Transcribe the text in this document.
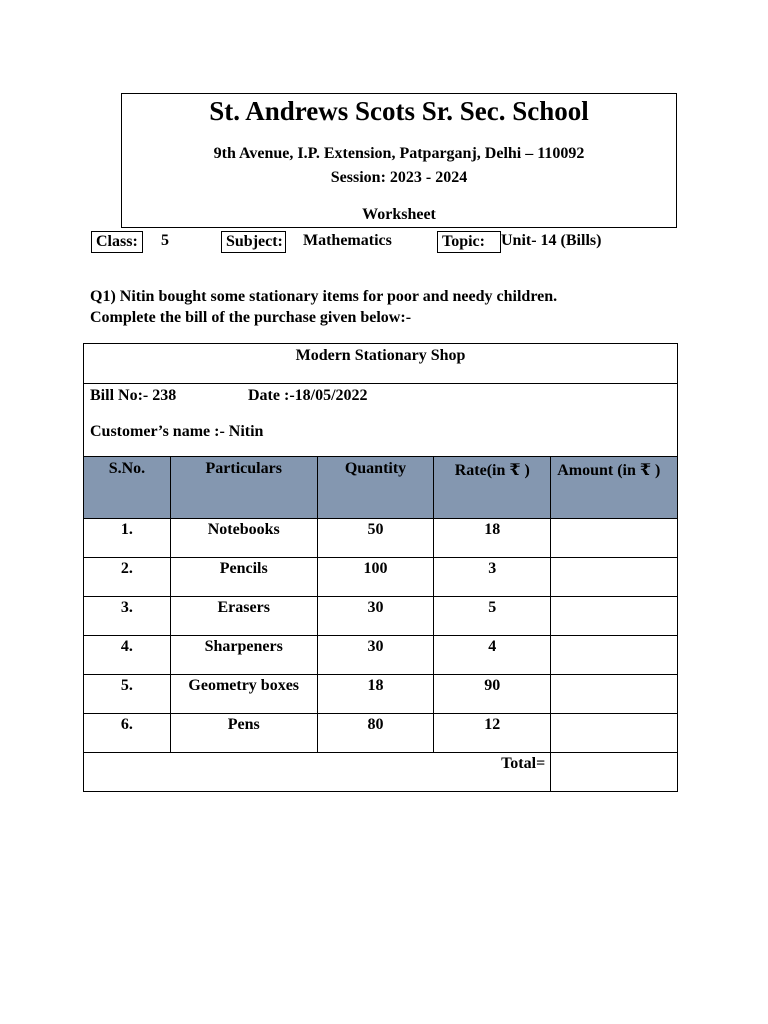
St. Andrews Scots Sr. Sec. School
9th Avenue, I.P. Extension, Patparganj, Delhi – 110092
Session: 2023 - 2024
Worksheet
Class:	5	Subject: Mathematics	Topic:	Unit- 14 (Bills)
Q1) Nitin bought some stationary items for poor and needy children.
Complete the bill of the purchase given below:-
Modern Stationary Shop				

Bill No:- 238 Date :-18/05/2022
Customer’s name :- Nitin				

S.No.	Particulars	Quantity	Rate(in ₹ )	Amount (in ₹ )
1.	Notebooks	50	18	
2.	Pencils	100	3	
3.	Erasers	30	5	
4.	Sharpeners	30	4	
5.	Geometry boxes	18	90	
6.	Pens	80	12	
Total=				
